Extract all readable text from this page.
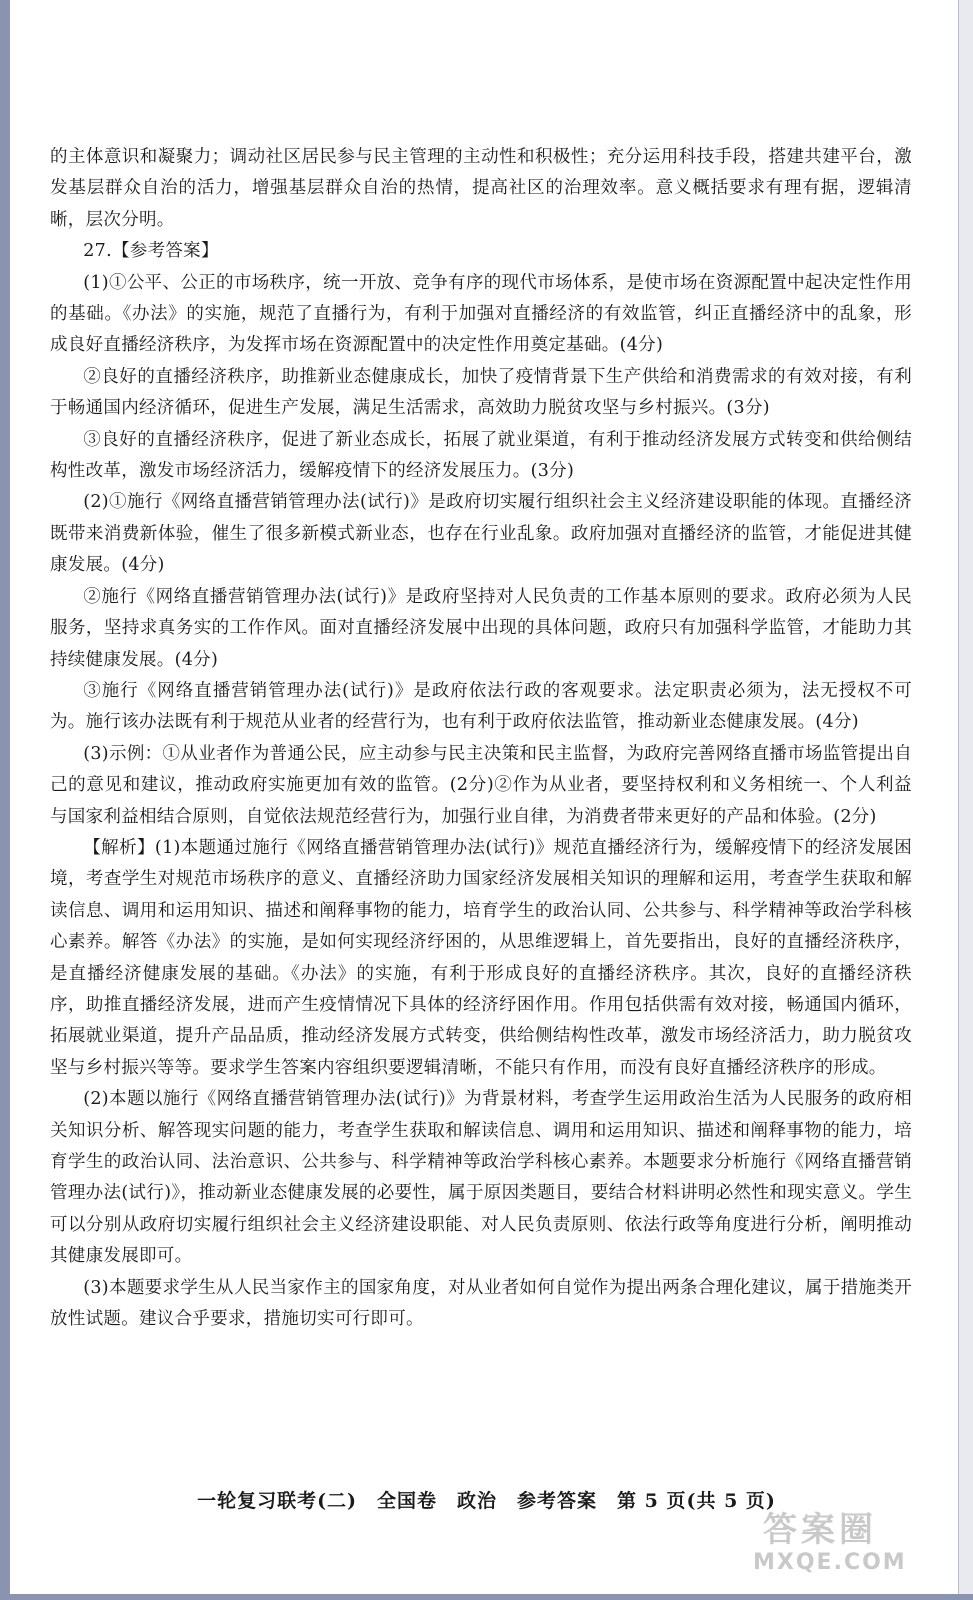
的主体意识和凝聚力；调动社区居民参与民主管理的主动性和积极性；充分运用科技手段，搭建共建平台，激发基层群众自治的活力，增强基层群众自治的热情，提高社区的治理效率。意义概括要求有理有据，逻辑清晰，层次分明。

27.【参考答案】

(1)①公平、公正的市场秩序，统一开放、竞争有序的现代市场体系，是使市场在资源配置中起决定性作用的基础。《办法》的实施，规范了直播行为，有利于加强对直播经济的有效监管，纠正直播经济中的乱象，形成良好直播经济秩序，为发挥市场在资源配置中的决定性作用奠定基础。(4分)

②良好的直播经济秩序，助推新业态健康成长，加快了疫情背景下生产供给和消费需求的有效对接，有利于畅通国内经济循环，促进生产发展，满足生活需求，高效助力脱贫攻坚与乡村振兴。(3分)

③良好的直播经济秩序，促进了新业态成长，拓展了就业渠道，有利于推动经济发展方式转变和供给侧结构性改革，激发市场经济活力，缓解疫情下的经济发展压力。(3分)

(2)①施行《网络直播营销管理办法(试行)》是政府切实履行组织社会主义经济建设职能的体现。直播经济既带来消费新体验，催生了很多新模式新业态，也存在行业乱象。政府加强对直播经济的监管，才能促进其健康发展。(4分)

②施行《网络直播营销管理办法(试行)》是政府坚持对人民负责的工作基本原则的要求。政府必须为人民服务，坚持求真务实的工作作风。面对直播经济发展中出现的具体问题，政府只有加强科学监管，才能助力其持续健康发展。(4分)

③施行《网络直播营销管理办法(试行)》是政府依法行政的客观要求。法定职责必须为，法无授权不可为。施行该办法既有利于规范从业者的经营行为，也有利于政府依法监管，推动新业态健康发展。(4分)

(3)示例：①从业者作为普通公民，应主动参与民主决策和民主监督，为政府完善网络直播市场监管提出自己的意见和建议，推动政府实施更加有效的监管。(2分)②作为从业者，要坚持权利和义务相统一、个人利益与国家利益相结合原则，自觉依法规范经营行为，加强行业自律，为消费者带来更好的产品和体验。(2分)

【解析】(1)本题通过施行《网络直播营销管理办法(试行)》规范直播经济行为，缓解疫情下的经济发展困境，考查学生对规范市场秩序的意义、直播经济助力国家经济发展相关知识的理解和运用，考查学生获取和解读信息、调用和运用知识、描述和阐释事物的能力，培育学生的政治认同、公共参与、科学精神等政治学科核心素养。解答《办法》的实施，是如何实现经济纾困的，从思维逻辑上，首先要指出，良好的直播经济秩序，是直播经济健康发展的基础。《办法》的实施，有利于形成良好的直播经济秩序。其次，良好的直播经济秩序，助推直播经济发展，进而产生疫情情况下具体的经济纾困作用。作用包括供需有效对接，畅通国内循环，拓展就业渠道，提升产品品质，推动经济发展方式转变，供给侧结构性改革，激发市场经济活力，助力脱贫攻坚与乡村振兴等等。要求学生答案内容组织要逻辑清晰，不能只有作用，而没有良好直播经济秩序的形成。

(2)本题以施行《网络直播营销管理办法(试行)》为背景材料，考查学生运用政治生活为人民服务的政府相关知识分析、解答现实问题的能力，考查学生获取和解读信息、调用和运用知识、描述和阐释事物的能力，培育学生的政治认同、法治意识、公共参与、科学精神等政治学科核心素养。本题要求分析施行《网络直播营销管理办法(试行)》，推动新业态健康发展的必要性，属于原因类题目，要结合材料讲明必然性和现实意义。学生可以分别从政府切实履行组织社会主义经济建设职能、对人民负责原则、依法行政等角度进行分析，阐明推动其健康发展即可。

(3)本题要求学生从人民当家作主的国家角度，对从业者如何自觉作为提出两条合理化建议，属于措施类开放性试题。建议合乎要求，措施切实可行即可。

一轮复习联考(二)　全国卷　政治　参考答案　第 5 页(共 5 页)
答案圈
MXQE.COM
